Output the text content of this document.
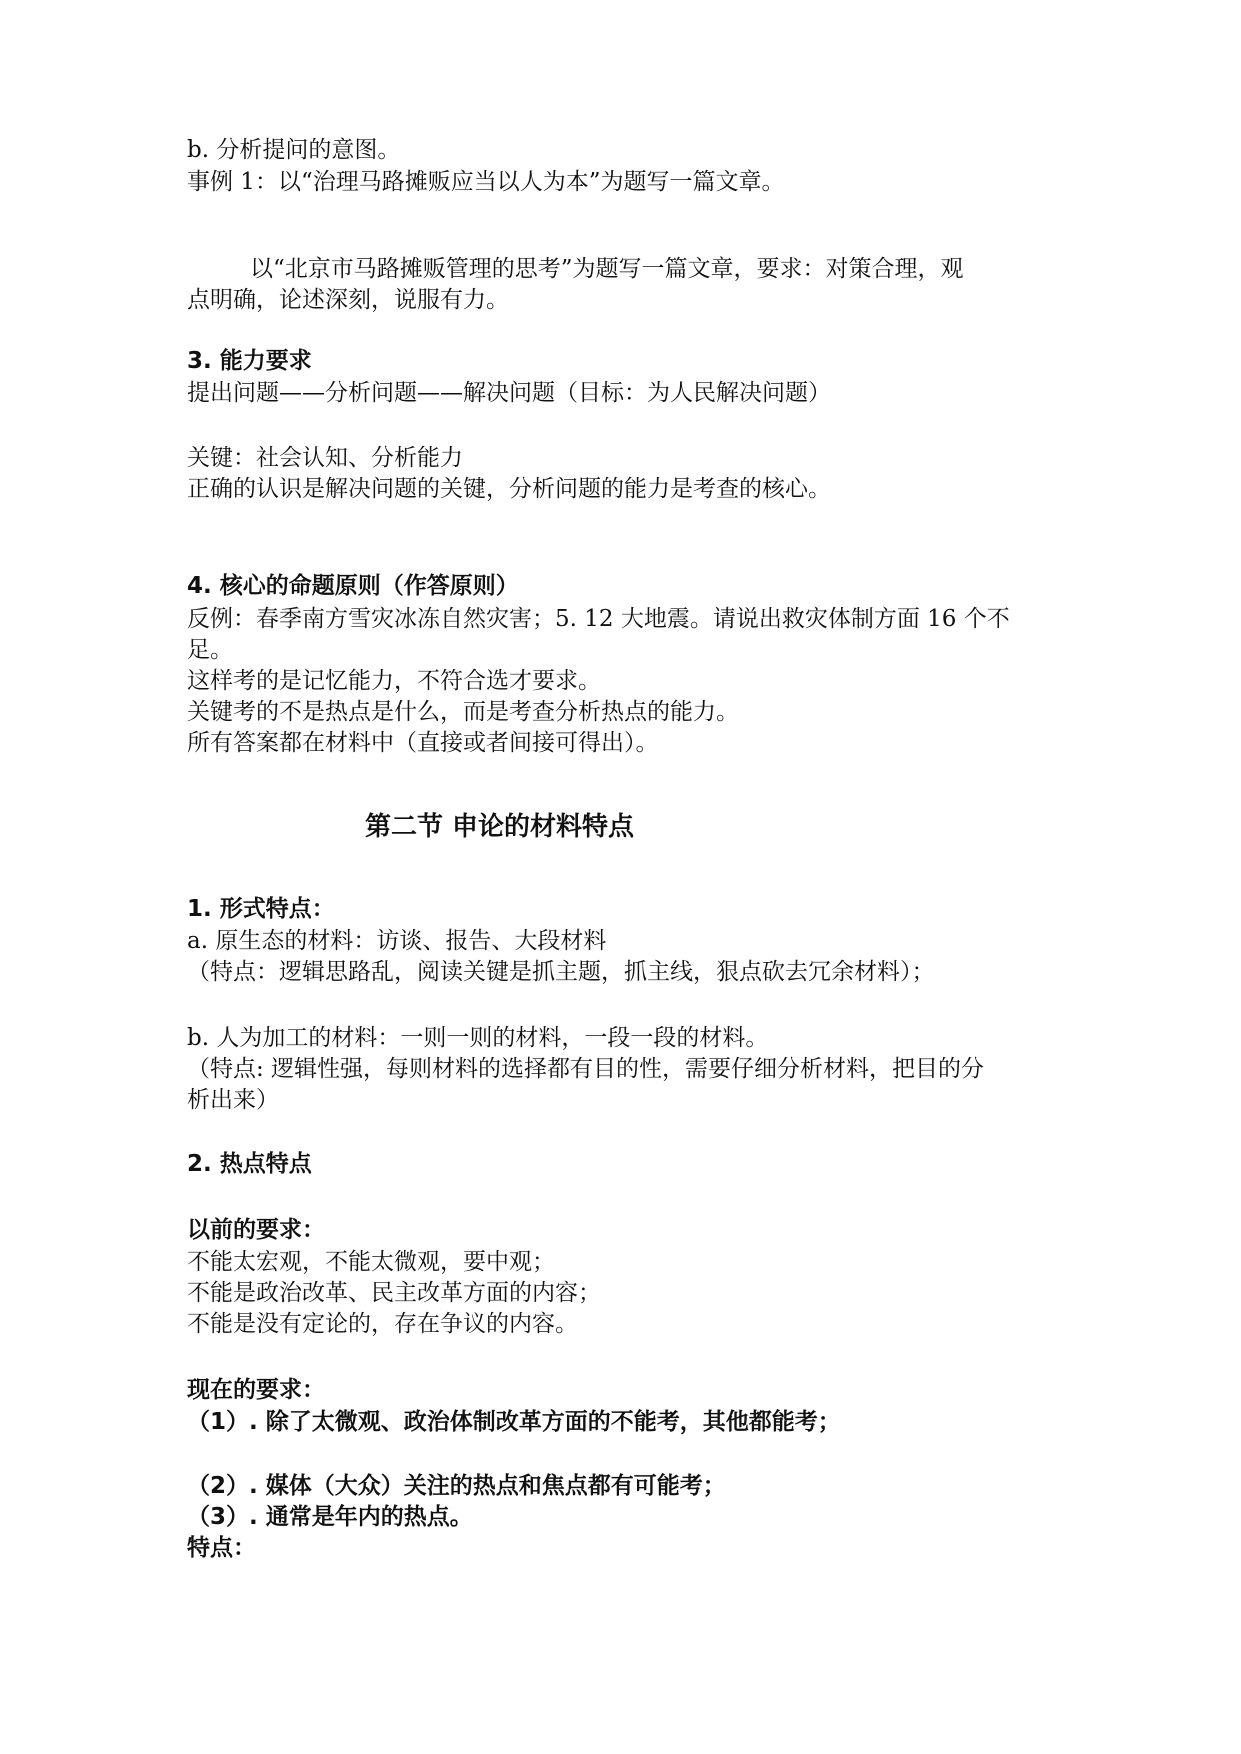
b. 分析提问的意图。
事例 1：以“治理马路摊贩应当以人为本”为题写一篇文章。
以“北京市马路摊贩管理的思考”为题写一篇文章，要求：对策合理，观
点明确，论述深刻，说服有力。
3. 能力要求
提出问题——分析问题——解决问题（目标：为人民解决问题）
关键：社会认知、分析能力
正确的认识是解决问题的关键，分析问题的能力是考查的核心。
4. 核心的命题原则（作答原则）
反例：春季南方雪灾冰冻自然灾害；5. 12 大地震。请说出救灾体制方面 16 个不
足。
这样考的是记忆能力，不符合选才要求。
关键考的不是热点是什么，而是考查分析热点的能力。
所有答案都在材料中（直接或者间接可得出）。
第二节 申论的材料特点
1. 形式特点：
a. 原生态的材料：访谈、报告、大段材料
（特点：逻辑思路乱，阅读关键是抓主题，抓主线，狠点砍去冗余材料）；
b. 人为加工的材料：一则一则的材料，一段一段的材料。
（特点: 逻辑性强，每则材料的选择都有目的性，需要仔细分析材料，把目的分
析出来）
2. 热点特点
以前的要求：
不能太宏观，不能太微观，要中观；
不能是政治改革、民主改革方面的内容；
不能是没有定论的，存在争议的内容。
现在的要求：
（1）. 除了太微观、政治体制改革方面的不能考，其他都能考；
（2）. 媒体（大众）关注的热点和焦点都有可能考；
（3）. 通常是年内的热点。
特点：
